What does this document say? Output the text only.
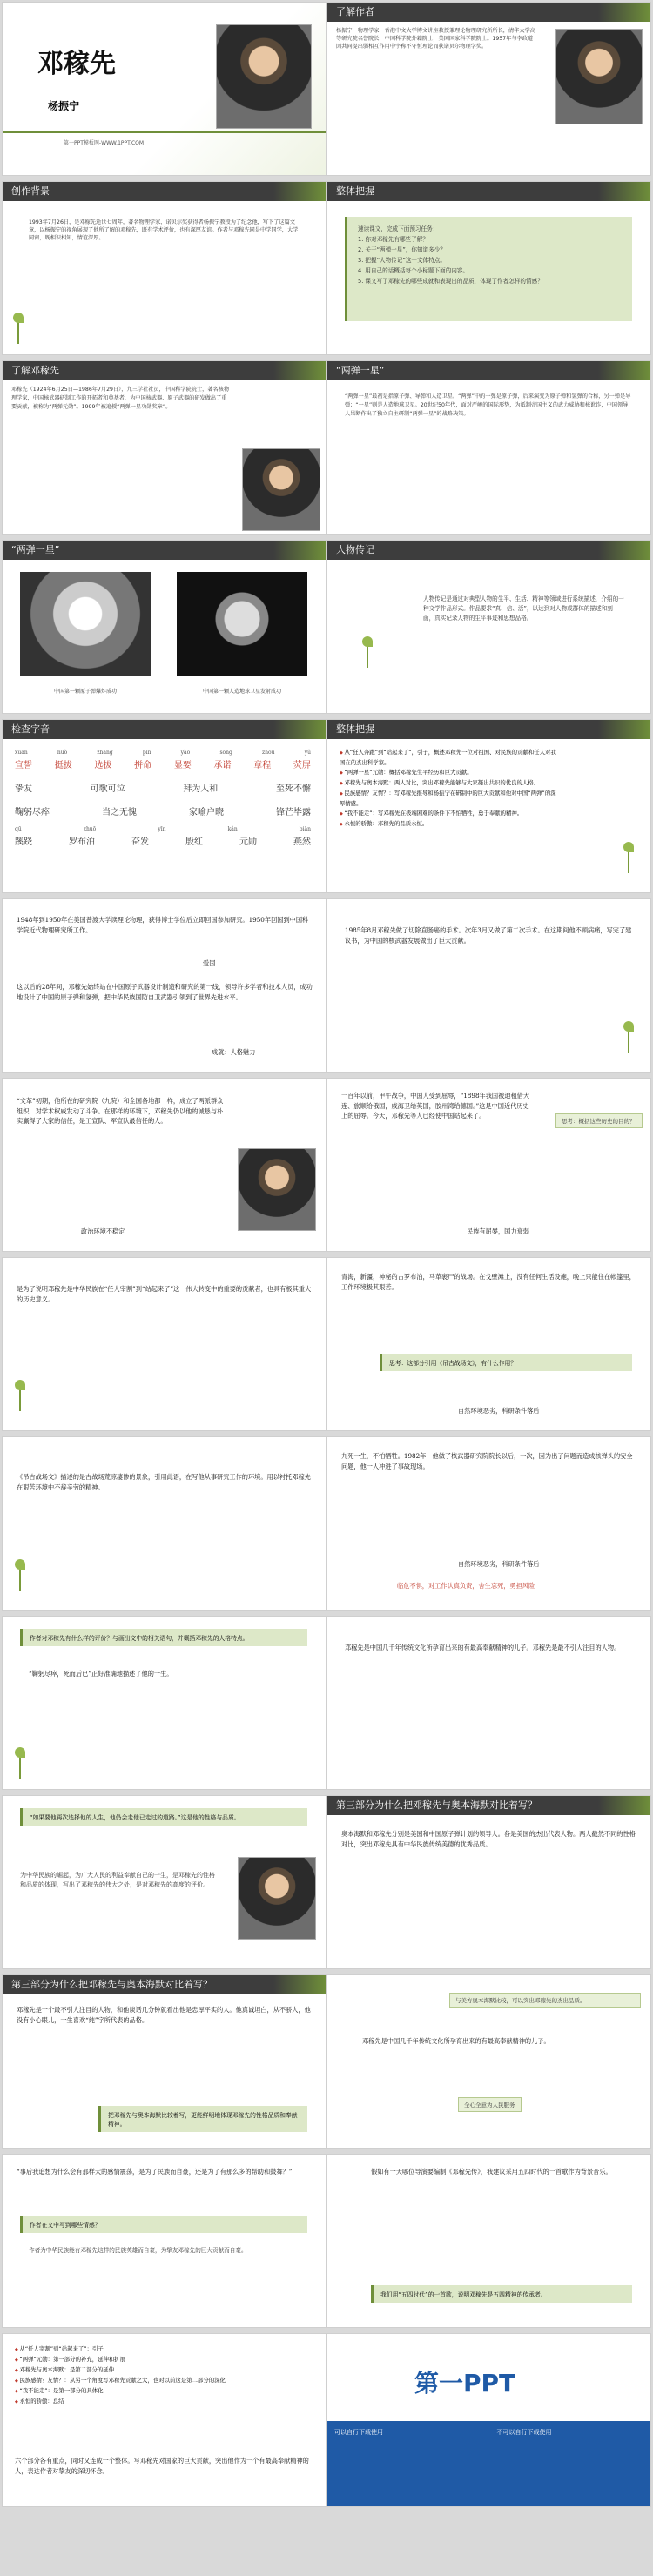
邓稼先
杨振宁
第一PPT模板网-WWW.1PPT.COM
了解作者
杨振宁，物理学家，香港中文大学博文讲座教授兼理论物理研究所所长，清华大学高等研究院名誉院长，中国科学院外籍院士，美国国家科学院院士。1957年与李政道因共同提出弱相互作用中宇称不守恒理论而获诺贝尔物理学奖。
创作背景
1993年7月26日，是邓稼先逝世七周年，著名物理学家、诺贝尔奖获得者杨振宁教授为了纪念他，写下了这篇文章，以杨振宁的视角展现了他所了解的邓稼先，既有学术评价，也有深厚友谊。作者与邓稼先同是中学同学，大学同窗，既相识相知，情谊深厚。
整体把握
速读课文，完成下面预习任务：
1. 你对邓稼先有哪些了解？
2. 关于“两弹一星”，你知道多少？
3. 把握“人物传记”这一文体特点。
4. 用自己的话概括每个小标题下面的内容。
5. 课文写了邓稼先的哪些成就和表现出的品质，体现了作者怎样的情感？
了解邓稼先
邓稼先（1924年6月25日—1986年7月29日），九三学社社员，中国科学院院士，著名核物理学家，中国核武器研制工作的开拓者和奠基者，为中国核武器、原子武器的研发做出了重要贡献，被称为“两弹元勋”。1999年被追授“两弹一星功勋奖章”。
“两弹一星”
“两弹一星”最初是指原子弹、导弹和人造卫星。“两弹”中的一弹是原子弹，后来演变为原子弹和氢弹的合称，另一弹是导弹；“一星”则是人造地球卫星。20世纪50年代，面对严峻的国际形势，为抵制帝国主义的武力威胁和核讹诈，中国领导人果断作出了独立自主研制“两弹一星”的战略决策。
“两弹一星”
中国第一颗原子弹爆炸成功	中国第一颗人造地球卫星发射成功
人物传记
人物传记是通过对典型人物的生平、生活、精神等领域进行系统描述，介绍的一种文学作品形式。作品要求“真、信、活”，以达到对人物或群体的描述和刻画，真实记录人物的生平事迹和思想品格。
检查字音
xuān	nuò	zhāng	pīn	yào	sōng	zhōu	yǔ
宣誓	挺拔	选拔	拼命	显要	承诺	章程	荧屏
挚友	可歌可泣	拜为人和	至死不懈
鞠躬尽瘁	当之无愧	家喻户晓	锋芒毕露
qū	zhuō	yīn	kǎn	biān
蹊跷	罗布泊	奋发	殷红	元勋	燕然
整体把握
◆ 从“狂人奔跑”到“站起来了”，引子，概述邓稼先一位对祖国、对民族的贡献和任人对我国在的杰出科学家。
◆ “两弹一星”元勋：概括邓稼先生平经历和巨大贡献。
◆ 邓稼先与奥本海默：两人对比，突出邓稼先能够与大家凝出共识的优良的人格。
◆ 民族感情？友情？：写邓稼先推导和杨振宁在研制中的巨大贡献和他对中国“两弹”的深厚情感。
◆ “我不能走”：写邓稼先在极端困难的条件下不怕牺牲，勇于奉献的精神。
◆ 永恒的骄傲：邓稼先的品质永恒。
1948年到1950年在美国普渡大学读理论物理，获得博士学位后立即回国参加研究。1950年回国到中国科学院近代物理研究所工作。
爱国
这以后的28年间，邓稼先始终站在中国原子武器设计制造和研究的第一线，领导许多学者和技术人员，成功地设计了中国的原子弹和氢弹，把中华民族国防自卫武器引领到了世界先进水平。
成就：人格魅力
1985年8月邓稼先做了切除直肠癌的手术。次年3月又做了第二次手术。在这期间他不顾病痛，写完了建议书，为中国的核武器发展做出了巨大贡献。
“文革”初期，他所在的研究院（九院）和全国各地都一样，成立了两派群众组织，对学术权威发动了斗争。在那样的环境下，邓稼先仍以他的诚恳与朴实赢得了大家的信任，是工宣队、军宣队最信任的人。
政治环境不稳定
一百年以前，甲午战争，中国人受到屈辱，“1898年我国被迫租借大连、旅顺给俄国，威海卫给英国，胶州湾给德国。”这是中国近代历史上的屈辱。今天，邓稼先等人已经使中国站起来了。
思考：概括这些历史的目的？
民族有屈辱，国力衰弱
是为了说明邓稼先是中华民族在“任人宰割”到“站起来了”这一伟大转变中的重要的贡献者，也具有极其重大的历史意义。
青海，新疆，神秘的古罗布泊，马革裹尸的战场。在戈壁滩上，没有任何生活设施，晚上只能住在帐篷里，工作环境极其艰苦。
思考：这部分引用《吊古战场文》，有什么作用？
自然环境恶劣，科研条件落后
《吊古战场文》描述的是古战场荒凉凄惨的景象，引用此语，在写他从事研究工作的环境。用以衬托邓稼先在艰苦环境中不辞辛劳的精神。
九死一生，不怕牺牲。1982年，他做了核武器研究院院长以后，一次，因为出了问题而造成核弹头的安全问题，他一人冲进了事故现场。
自然环境恶劣，科研条件落后
临危不惧，对工作认真负责，舍生忘死，勇担风险
作者对邓稼先有什么样的评价？与画出文中的相关语句，并概括邓稼先的人格特点。
“鞠躬尽瘁，死而后已”正好准确地描述了他的一生。
邓稼先是中国几千年传统文化所孕育出来的有最高奉献精神的儿子。邓稼先是最不引人注目的人物。
“如果要他再次选择他的人生，他仍会走他已走过的道路。”这是他的性格与品质。
为中华民族的崛起，为广大人民的利益奉献自己的一生，是邓稼先的性格和品质的体现，写出了邓稼先的伟大之处，是对邓稼先的高度的评价。
第三部分为什么把邓稼先与奥本海默对比着写？
奥本海默和邓稼先分别是美国和中国原子弹计划的领导人。各是美国的杰出代表人物。两人截然不同的性格对比，突出邓稼先具有中华民族传统美德的优秀品质。
第三部分为什么把邓稼先与奥本海默对比着写？
邓稼先是一个最不引人注目的人物，和他谈话几分钟就看出他是忠厚平实的人。他真诚坦白，从不骄人，他没有小心眼儿，一生喜欢“纯”字所代表的品格。
把邓稼先与奥本海默比较着写，更能鲜明地体现邓稼先的性格品质和奉献精神。
与美方奥本海默比较，可以突出邓稼先的杰出品质。
邓稼先是中国几千年传统文化所孕育出来的有最高奉献精神的儿子。
全心全意为人民服务
“事后我追想为什么会有那样大的感情震荡，是为了民族而自豪，还是为了有那么多的帮助和鼓舞？”
作者在文中写到哪些情感？
作者为中华民族能有邓稼先这样的民族英雄而自豪，为挚友邓稼先的巨大贡献而自豪。
假如有一天哪位导演要编制《邓稼先传》，我建议采用五四时代的一首歌作为背景音乐。
我们用“五四时代”的一首歌，说明邓稼先是五四精神的传承者。
◆ 从“任人宰割”到“站起来了”：引子
◆ “两弹”元勋：第一部分的补充，延伸和扩展
◆ 邓稼先与奥本海默：是第二部分的延伸
◆ 民族感情？友情？：从另一个角度写邓稼先贡献之大，也对以前这是第二部分的深化
◆ “我不能走”：是第一部分的具体化
◆ 永恒的骄傲：总结
六个部分各有重点，同时又连成一个整体。写邓稼先对国家的巨大贡献，突出他作为一个有最高奉献精神的人，表达作者对挚友的深切怀念。
第一PPT
可以自行下载使用	不可以自行下载使用
